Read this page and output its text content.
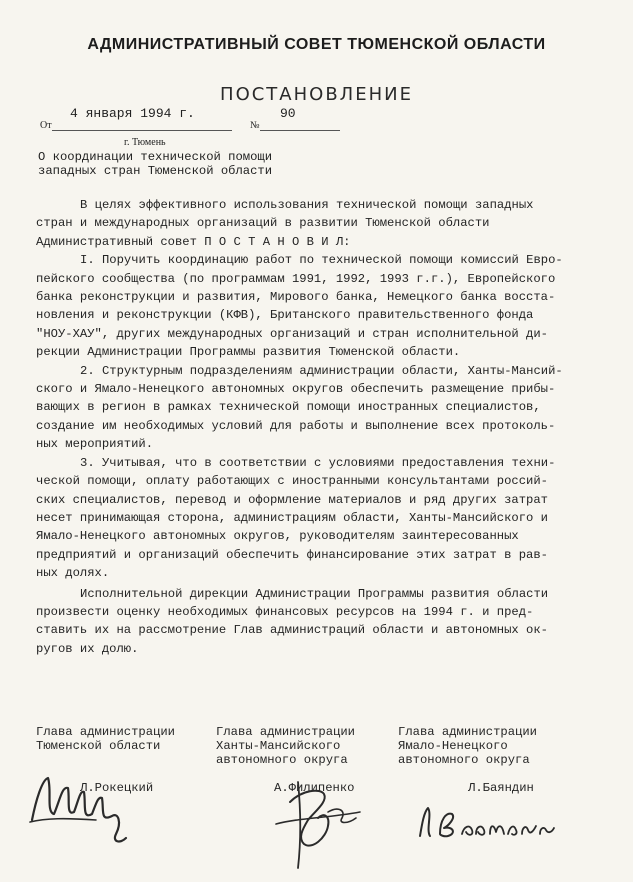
АДМИНИСТРАТИВНЫЙ СОВЕТ ТЮМЕНСКОЙ ОБЛАСТИ
ПОСТАНОВЛЕНИЕ
От
4 января 1994 г.
№
90
г. Тюмень
О координации технической помощи
западных стран Тюменской области

В целях эффективного использования технической помощи западных

стран и международных организаций в развитии Тюменской области

Административный совет П О С Т А Н О В И Л:

I. Поручить координацию работ по технической помощи комиссий Евро-

пейского сообщества (по программам 1991, 1992, 1993 г.г.), Европейского

банка реконструкции и развития, Мирового банка, Немецкого банка восста-

новления и реконструкции (КФВ), Британского правительственного фонда

"НОУ-ХАУ", других международных организаций и стран исполнительной ди-

рекции Администрации Программы развития Тюменской области.

2. Структурным подразделениям администрации области, Ханты-Мансий-

ского и Ямало-Ненецкого автономных округов обеспечить размещение прибы-

вающих в регион в рамках технической помощи иностранных специалистов,

создание им необходимых условий для работы и выполнение всех протоколь-

ных мероприятий.

3. Учитывая, что в соответствии с условиями предоставления техни-

ческой помощи, оплату работающих с иностранными консультантами россий-

ских специалистов, перевод и оформление материалов и ряд других затрат

несет принимающая сторона, администрациям области, Ханты-Мансийского и

Ямало-Ненецкого автономных округов, руководителям заинтересованных

предприятий и организаций обеспечить финансирование этих затрат в рав-

ных долях.

Исполнительной дирекции Администрации Программы развития области

произвести оценку необходимых финансовых ресурсов на 1994 г. и пред-

ставить их на рассмотрение Глав администраций области и автономных ок-

ругов их долю.

Глава администрации
Тюменской области
Л.Рокецкий
Глава администрации
Ханты-Мансийского
автономного округа
А.Филипенко
Глава администрации
Ямало-Ненецкого
автономного округа
Л.Баяндин
